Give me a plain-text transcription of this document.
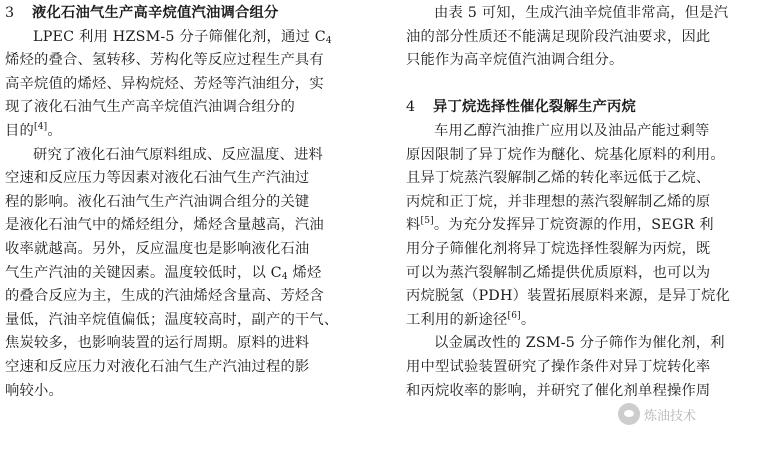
3 液化石油气生产高辛烷值汽油调合组分
LPEC 利用 HZSM-5 分子筛催化剂，通过 $C_4$
烯烃的叠合、氢转移、芳构化等反应过程生产具有
高辛烷值的烯烃、异构烷烃、芳烃等汽油组分，实
现了液化石油气生产高辛烷值汽油调合组分的
目的[4]。
研究了液化石油气原料组成、反应温度、进料
空速和反应压力等因素对液化石油气生产汽油过
程的影响。液化石油气生产汽油调合组分的关键
是液化石油气中的烯烃组分，烯烃含量越高，汽油
收率就越高。另外，反应温度也是影响液化石油
气生产汽油的关键因素。温度较低时，以 $C_4$ 烯烃
的叠合反应为主，生成的汽油烯烃含量高、芳烃含
量低，汽油辛烷值偏低；温度较高时，副产的干气、
焦炭较多，也影响装置的运行周期。原料的进料
空速和反应压力对液化石油气生产汽油过程的影
响较小。
由表 5 可知，生成汽油辛烷值非常高，但是汽
油的部分性质还不能满足现阶段汽油要求，因此
只能作为高辛烷值汽油调合组分。
4 异丁烷选择性催化裂解生产丙烷
车用乙醇汽油推广应用以及油品产能过剩等
原因限制了异丁烷作为醚化、烷基化原料的利用。
且异丁烷蒸汽裂解制乙烯的转化率远低于乙烷、
丙烷和正丁烷，并非理想的蒸汽裂解制乙烯的原
料[5]。为充分发挥异丁烷资源的作用，SEGR 利
用分子筛催化剂将异丁烷选择性裂解为丙烷，既
可以为蒸汽裂解制乙烯提供优质原料，也可以为
丙烷脱氢（PDH）装置拓展原料来源，是异丁烷化
工利用的新途径[6]。
以金属改性的 ZSM-5 分子筛作为催化剂，利
用中型试验装置研究了操作条件对异丁烷转化率
和丙烷收率的影响，并研究了催化剂单程操作周
炼油技术
